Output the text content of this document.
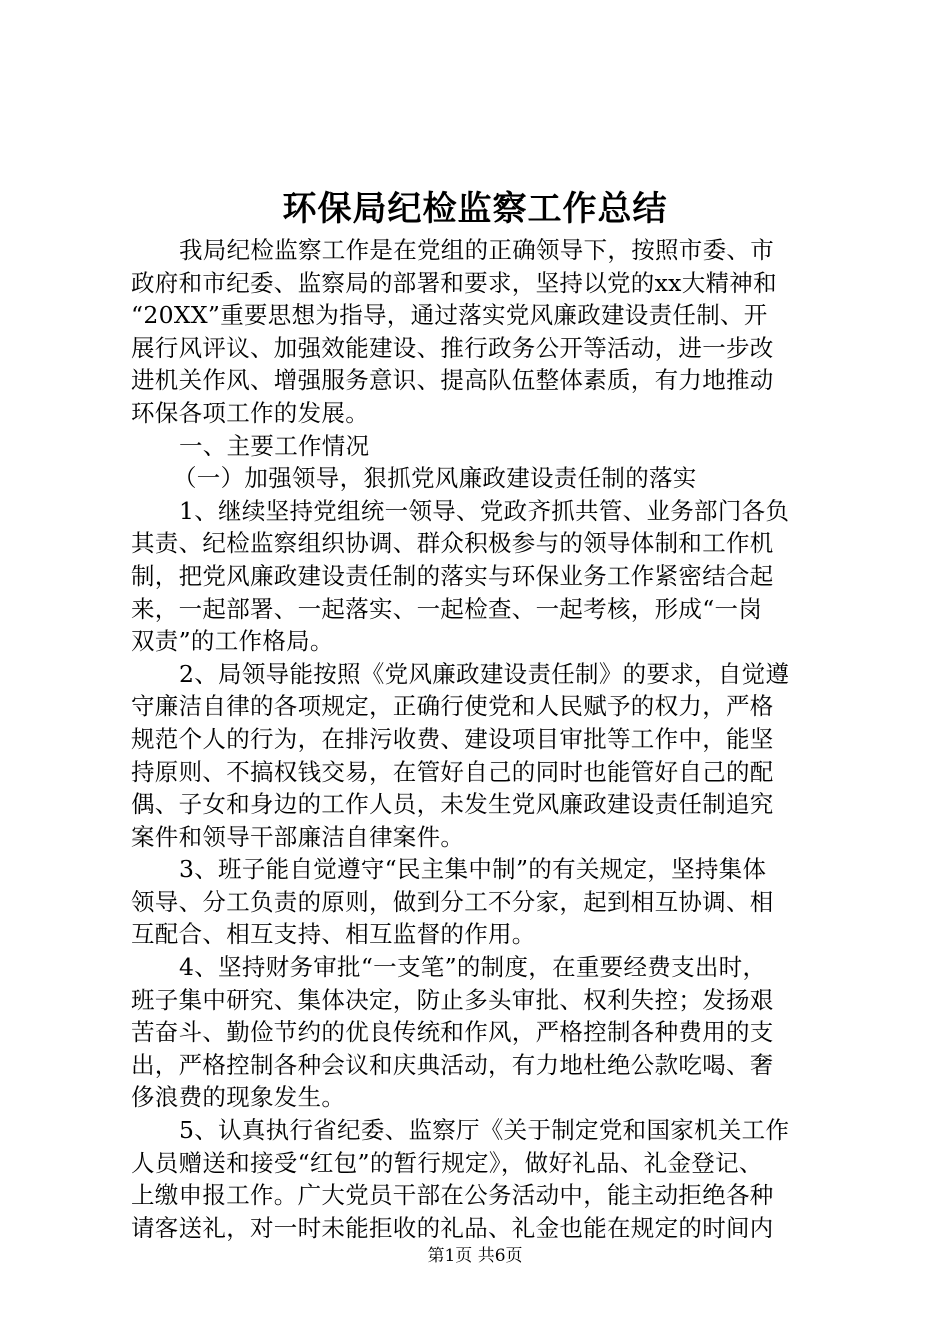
环保局纪检监察工作总结
我局纪检监察工作是在党组的正确领导下，按照市委、市
政府和市纪委、监察局的部署和要求，坚持以党的xx大精神和
“20XX”重要思想为指导，通过落实党风廉政建设责任制、开
展行风评议、加强效能建设、推行政务公开等活动，进一步改
进机关作风、增强服务意识、提高队伍整体素质，有力地推动
环保各项工作的发展。
一、主要工作情况
（一）加强领导，狠抓党风廉政建设责任制的落实
1、继续坚持党组统一领导、党政齐抓共管、业务部门各负
其责、纪检监察组织协调、群众积极参与的领导体制和工作机
制，把党风廉政建设责任制的落实与环保业务工作紧密结合起
来，一起部署、一起落实、一起检查、一起考核，形成“一岗
双责”的工作格局。
2、局领导能按照《党风廉政建设责任制》的要求，自觉遵
守廉洁自律的各项规定，正确行使党和人民赋予的权力，严格
规范个人的行为，在排污收费、建设项目审批等工作中，能坚
持原则、不搞权钱交易，在管好自己的同时也能管好自己的配
偶、子女和身边的工作人员，未发生党风廉政建设责任制追究
案件和领导干部廉洁自律案件。
3、班子能自觉遵守“民主集中制”的有关规定，坚持集体
领导、分工负责的原则，做到分工不分家，起到相互协调、相
互配合、相互支持、相互监督的作用。
4、坚持财务审批“一支笔”的制度，在重要经费支出时，
班子集中研究、集体决定，防止多头审批、权利失控；发扬艰
苦奋斗、勤俭节约的优良传统和作风，严格控制各种费用的支
出，严格控制各种会议和庆典活动，有力地杜绝公款吃喝、奢
侈浪费的现象发生。
5、认真执行省纪委、监察厅《关于制定党和国家机关工作
人员赠送和接受“红包”的暂行规定》，做好礼品、礼金登记、
上缴申报工作。广大党员干部在公务活动中，能主动拒绝各种
请客送礼，对一时未能拒收的礼品、礼金也能在规定的时间内
第1页 共6页
